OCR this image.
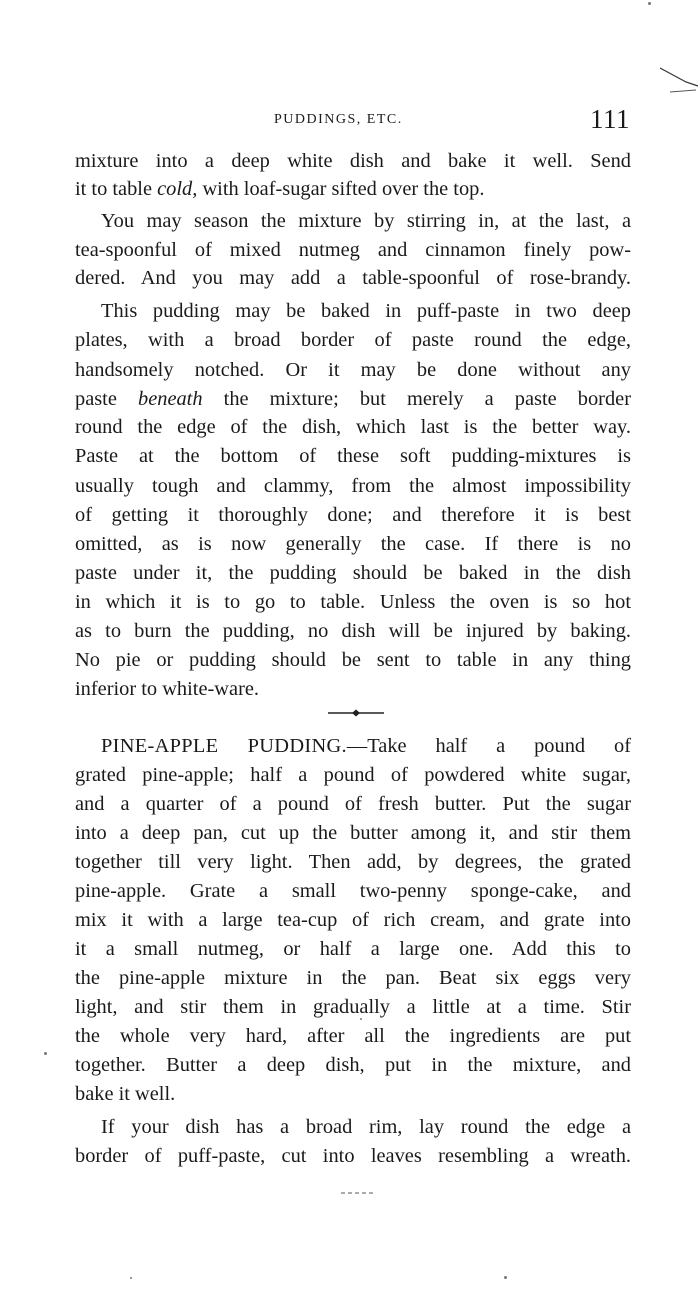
PUDDINGS, ETC.	111
mixture into a deep white dish and bake it well. Send
it to table cold, with loaf-sugar sifted over the top.
You may season the mixture by stirring in, at the last, a
tea-spoonful of mixed nutmeg and cinnamon finely pow-
dered. And you may add a table-spoonful of rose-brandy.
This pudding may be baked in puff-paste in two deep
plates, with a broad border of paste round the edge,
handsomely notched. Or it may be done without any
paste beneath the mixture; but merely a paste border
round the edge of the dish, which last is the better way.
Paste at the bottom of these soft pudding-mixtures is
usually tough and clammy, from the almost impossibility
of getting it thoroughly done; and therefore it is best
omitted, as is now generally the case. If there is no
paste under it, the pudding should be baked in the dish
in which it is to go to table. Unless the oven is so hot
as to burn the pudding, no dish will be injured by baking.
No pie or pudding should be sent to table in any thing
inferior to white-ware.
PINE-APPLE PUDDING.—Take half a pound of
grated pine-apple; half a pound of powdered white sugar,
and a quarter of a pound of fresh butter. Put the sugar
into a deep pan, cut up the butter among it, and stir them
together till very light. Then add, by degrees, the grated
pine-apple. Grate a small two-penny sponge-cake, and
mix it with a large tea-cup of rich cream, and grate into
it a small nutmeg, or half a large one. Add this to
the pine-apple mixture in the pan. Beat six eggs very
light, and stir them in gradually a little at a time. Stir
the whole very hard, after all the ingredients are put
together. Butter a deep dish, put in the mixture, and
bake it well.
If your dish has a broad rim, lay round the edge a
border of puff-paste, cut into leaves resembling a wreath.
